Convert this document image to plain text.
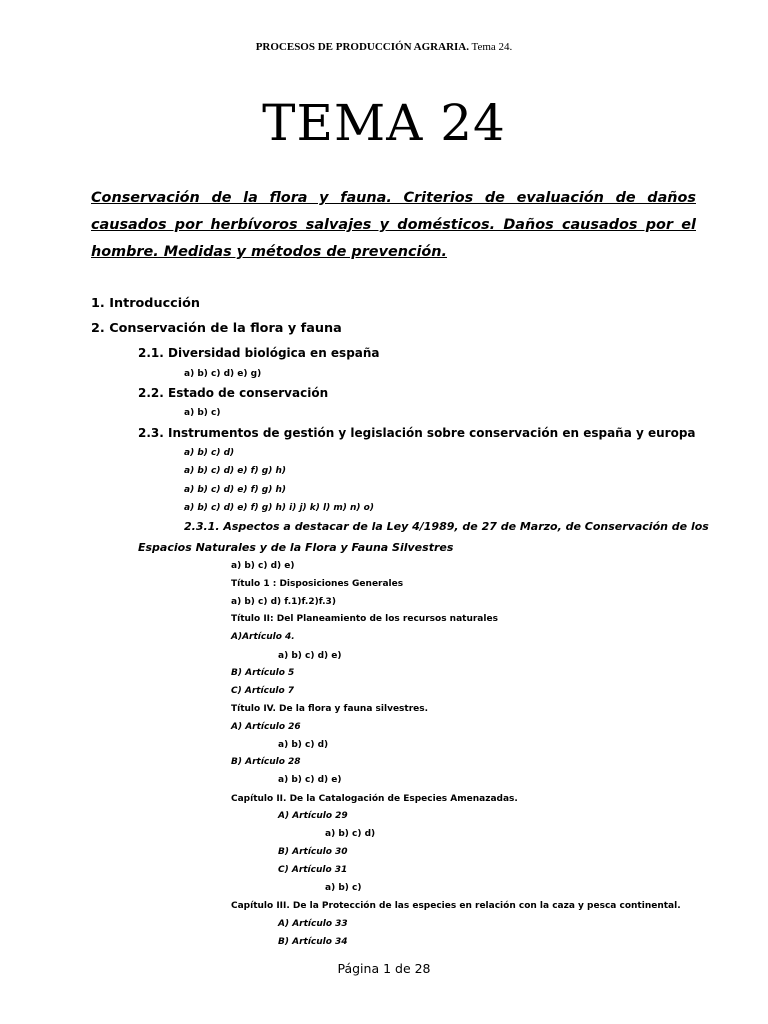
PROCESOS DE PRODUCCIÓN AGRARIA. Tema 24.
TEMA 24
Conservación de la flora y fauna. Criterios de evaluación de daños causados por herbívoros salvajes y domésticos. Daños causados por el hombre. Medidas y métodos de prevención.
1. Introducción
2. Conservación de la flora y fauna
2.1. Diversidad biológica en españa
a) b) c) d) e) g)
2.2. Estado de conservación
a) b) c)
2.3. Instrumentos de gestión y legislación sobre conservación en españa y europa
a) b) c) d)
a) b) c) d) e) f) g) h)
a) b) c) d) e) f) g) h)
a) b) c) d) e) f) g) h) i) j) k) l) m) n) o)
2.3.1. Aspectos a destacar de la Ley 4/1989, de 27 de Marzo, de Conservación de los
Espacios Naturales y de la Flora y Fauna Silvestres
a) b) c) d) e)
Título 1 : Disposiciones Generales
a) b) c) d) f.1)f.2)f.3)
Título II: Del Planeamiento de los recursos naturales
A)Artículo 4.
a) b) c) d) e)
B) Artículo 5
C) Artículo 7
Título IV. De la flora y fauna silvestres.
A) Artículo 26
a) b) c) d)
B) Artículo 28
a) b) c) d) e)
Capítulo II. De la Catalogación de Especies Amenazadas.
A) Artículo 29
a) b) c) d)
B) Artículo 30
C) Artículo 31
a) b) c)
Capítulo III. De la Protección de las especies en relación con la caza y pesca continental.
A) Artículo 33
B) Artículo 34
Página 1 de 28
